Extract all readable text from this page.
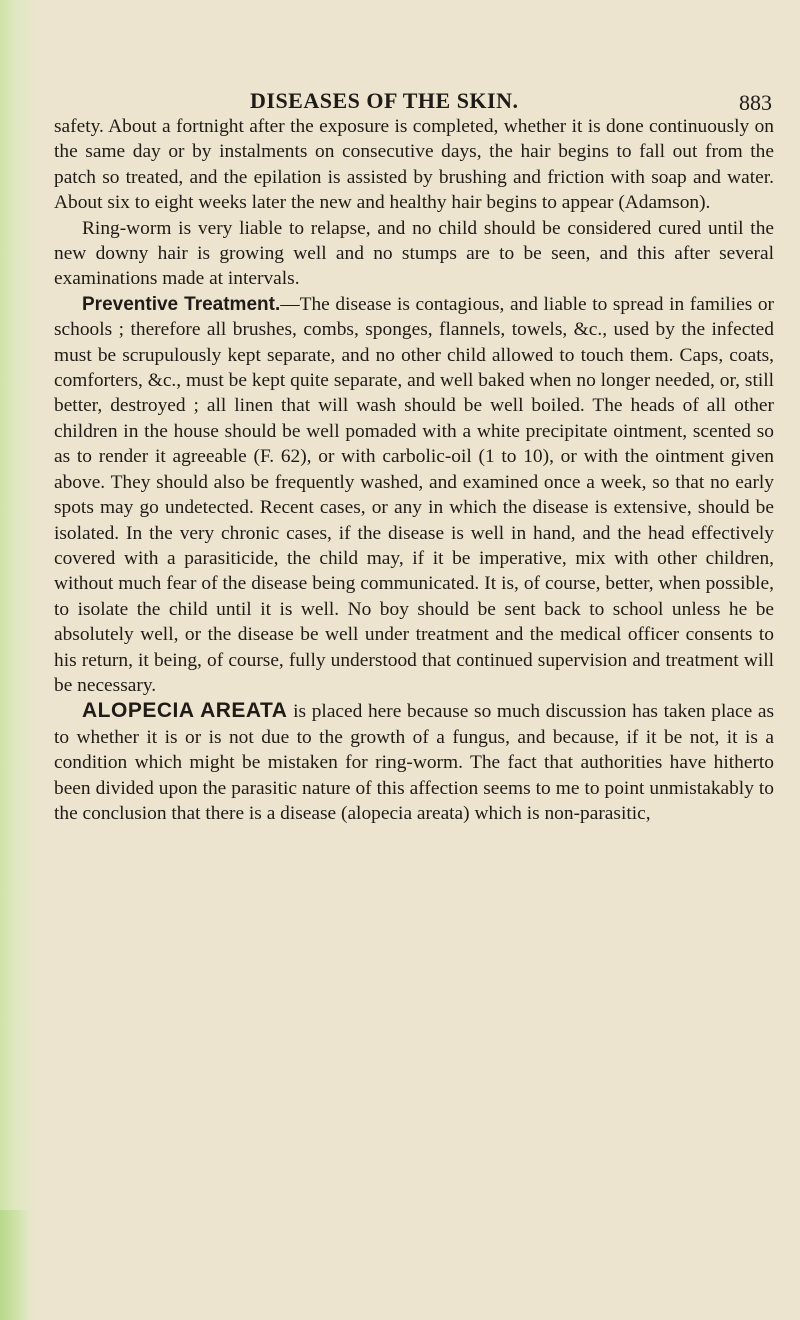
DISEASES OF THE SKIN.	883

safety. About a fortnight after the exposure is completed, whether it is done continuously on the same day or by instalments on consecutive days, the hair begins to fall out from the patch so treated, and the epilation is assisted by brushing and friction with soap and water. About six to eight weeks later the new and healthy hair begins to appear (Adamson).

Ring-worm is very liable to relapse, and no child should be considered cured until the new downy hair is growing well and no stumps are to be seen, and this after several examinations made at intervals.

Preventive Treatment.—The disease is contagious, and liable to spread in families or schools ; therefore all brushes, combs, sponges, flannels, towels, &c., used by the infected must be scrupulously kept separate, and no other child allowed to touch them. Caps, coats, comforters, &c., must be kept quite separate, and well baked when no longer needed, or, still better, destroyed ; all linen that will wash should be well boiled. The heads of all other children in the house should be well pomaded with a white precipitate ointment, scented so as to render it agreeable (F. 62), or with carbolic-oil (1 to 10), or with the ointment given above. They should also be frequently washed, and examined once a week, so that no early spots may go undetected. Recent cases, or any in which the disease is extensive, should be isolated. In the very chronic cases, if the disease is well in hand, and the head effectively covered with a parasiticide, the child may, if it be imperative, mix with other children, without much fear of the disease being communicated. It is, of course, better, when possible, to isolate the child until it is well. No boy should be sent back to school unless he be absolutely well, or the disease be well under treatment and the medical officer consents to his return, it being, of course, fully understood that continued supervision and treatment will be necessary.

ALOPECIA AREATA is placed here because so much discussion has taken place as to whether it is or is not due to the growth of a fungus, and because, if it be not, it is a condition which might be mistaken for ring-worm. The fact that authorities have hitherto been divided upon the parasitic nature of this affection seems to me to point unmistakably to the conclusion that there is a disease (alopecia areata) which is non-parasitic,
